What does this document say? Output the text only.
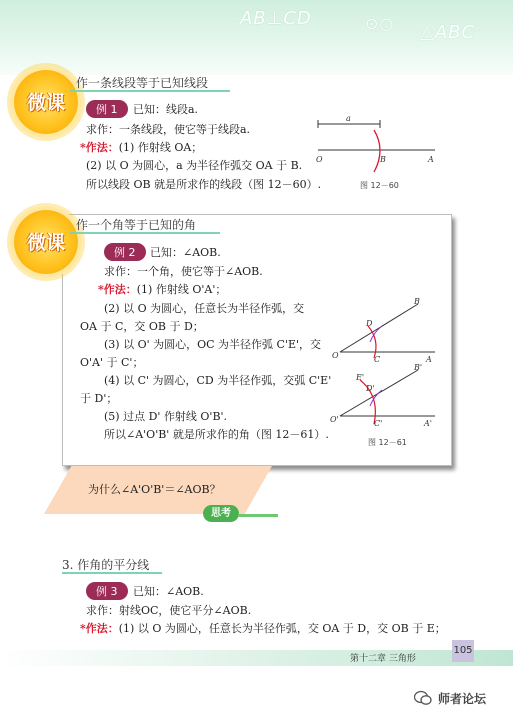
AB⊥CD	⊙○ △ABC
微课
作一条线段等于已知线段
例 1	已知：线段a.
求作：一条线段，使它等于线段a.
*作法：(1) 作射线 OA；
(2) 以 O 为圆心，a 为半径作弧交 OA 于 B.
所以线段 OB 就是所求作的线段（图 12－60）.
a
O	B	A
图 12－60
微课
作一个角等于已知的角
例 2	已知：∠AOB.
求作：一个角，使它等于∠AOB.
*作法：(1) 作射线 O'A'；
(2) 以 O 为圆心，任意长为半径作弧，交
OA 于 C，交 OB 于 D；
(3) 以 O' 为圆心，OC 为半径作弧 C'E'，交
O'A' 于 C'；
(4) 以 C' 为圆心，CD 为半径作弧，交弧 C'E'
于 D'；
(5) 过点 D' 作射线 O'B'.
所以∠A'O'B' 就是所求作的角（图 12－61）.
O	C	A
D
B
O'	C'	A'
D'
E'
B'
图 12－61
为什么∠A'O'B'＝∠AOB？
思考
3. 作角的平分线
例 3	已知：∠AOB.
求作：射线OC，使它平分∠AOB.
*作法：(1) 以 O 为圆心，任意长为半径作弧，交 OA 于 D，交 OB 于 E；
第十二章 三角形
105
师者论坛
